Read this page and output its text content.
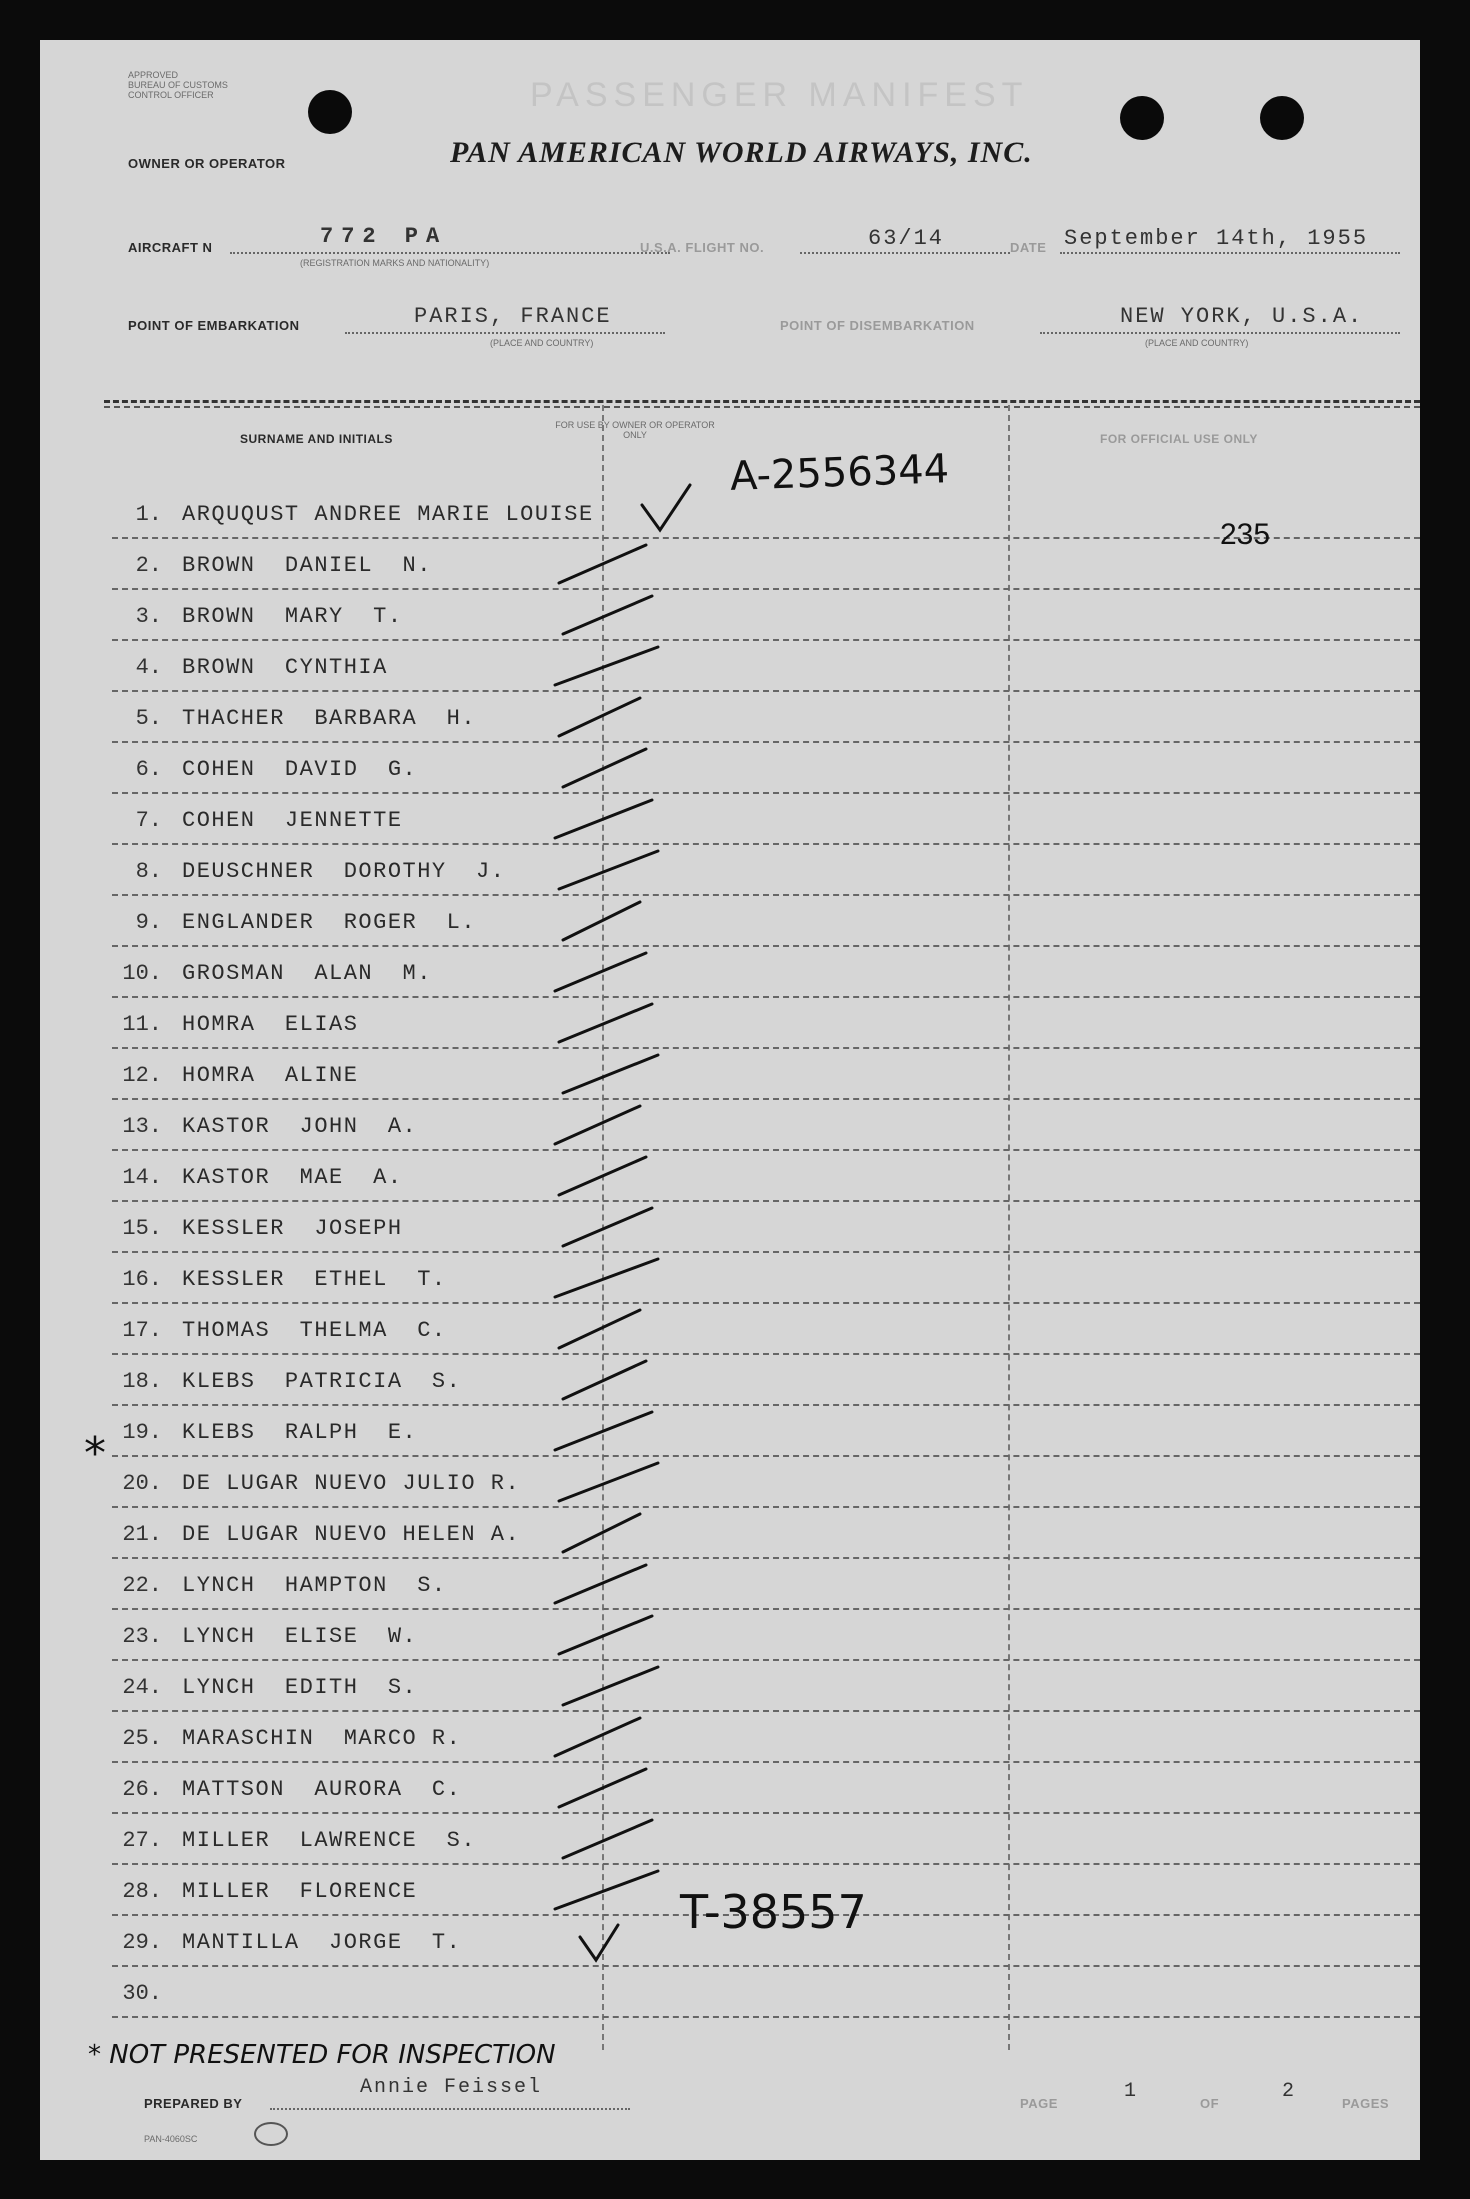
APPROVED
BUREAU OF CUSTOMS
CONTROL OFFICER	PASSENGER MANIFEST
OWNER OR OPERATOR	PAN AMERICAN WORLD AIRWAYS, INC.
AIRCRAFT N	772 PA
(REGISTRATION MARKS AND NATIONALITY)
U.S.A. FLIGHT NO.	63/14	DATE September 14th, 1955
POINT OF EMBARKATION	PARIS, FRANCE
(PLACE AND COUNTRY)
POINT OF DISEMBARKATION	NEW YORK, U.S.A.
(PLACE AND COUNTRY)
SURNAME AND INITIALS
FOR USE BY OWNER OR OPERATOR ONLY	FOR OFFICIAL USE ONLY
1. ARQUQUST ANDREE MARIE LOUISE
2. BROWN  DANIEL  N.
3. BROWN  MARY  T.
4. BROWN  CYNTHIA
5. THACHER  BARBARA  H.
6. COHEN  DAVID  G.
7. COHEN  JENNETTE
8. DEUSCHNER  DOROTHY  J.
9. ENGLANDER  ROGER  L.
10. GROSMAN  ALAN  M.
11. HOMRA  ELIAS
12. HOMRA  ALINE
13. KASTOR  JOHN  A.
14. KASTOR  MAE  A.
15. KESSLER  JOSEPH
16. KESSLER  ETHEL  T.
17. THOMAS  THELMA  C.
18. KLEBS  PATRICIA  S.
19. KLEBS  RALPH  E.
20. DE LUGAR NUEVO JULIO R.
21. DE LUGAR NUEVO HELEN A.
22. LYNCH  HAMPTON  S.
23. LYNCH  ELISE  W.
24. LYNCH  EDITH  S.
25. MARASCHIN  MARCO R.
26. MATTSON  AURORA  C.
27. MILLER  LAWRENCE  S.
28. MILLER  FLORENCE
29. MANTILLA  JORGE  T.
30.
A-2556344
235
T-38557
*
* NOT PRESENTED FOR INSPECTION
PREPARED BY
Annie Feissel
PAGE
1
OF
2
PAGES
PAN-4060SC
